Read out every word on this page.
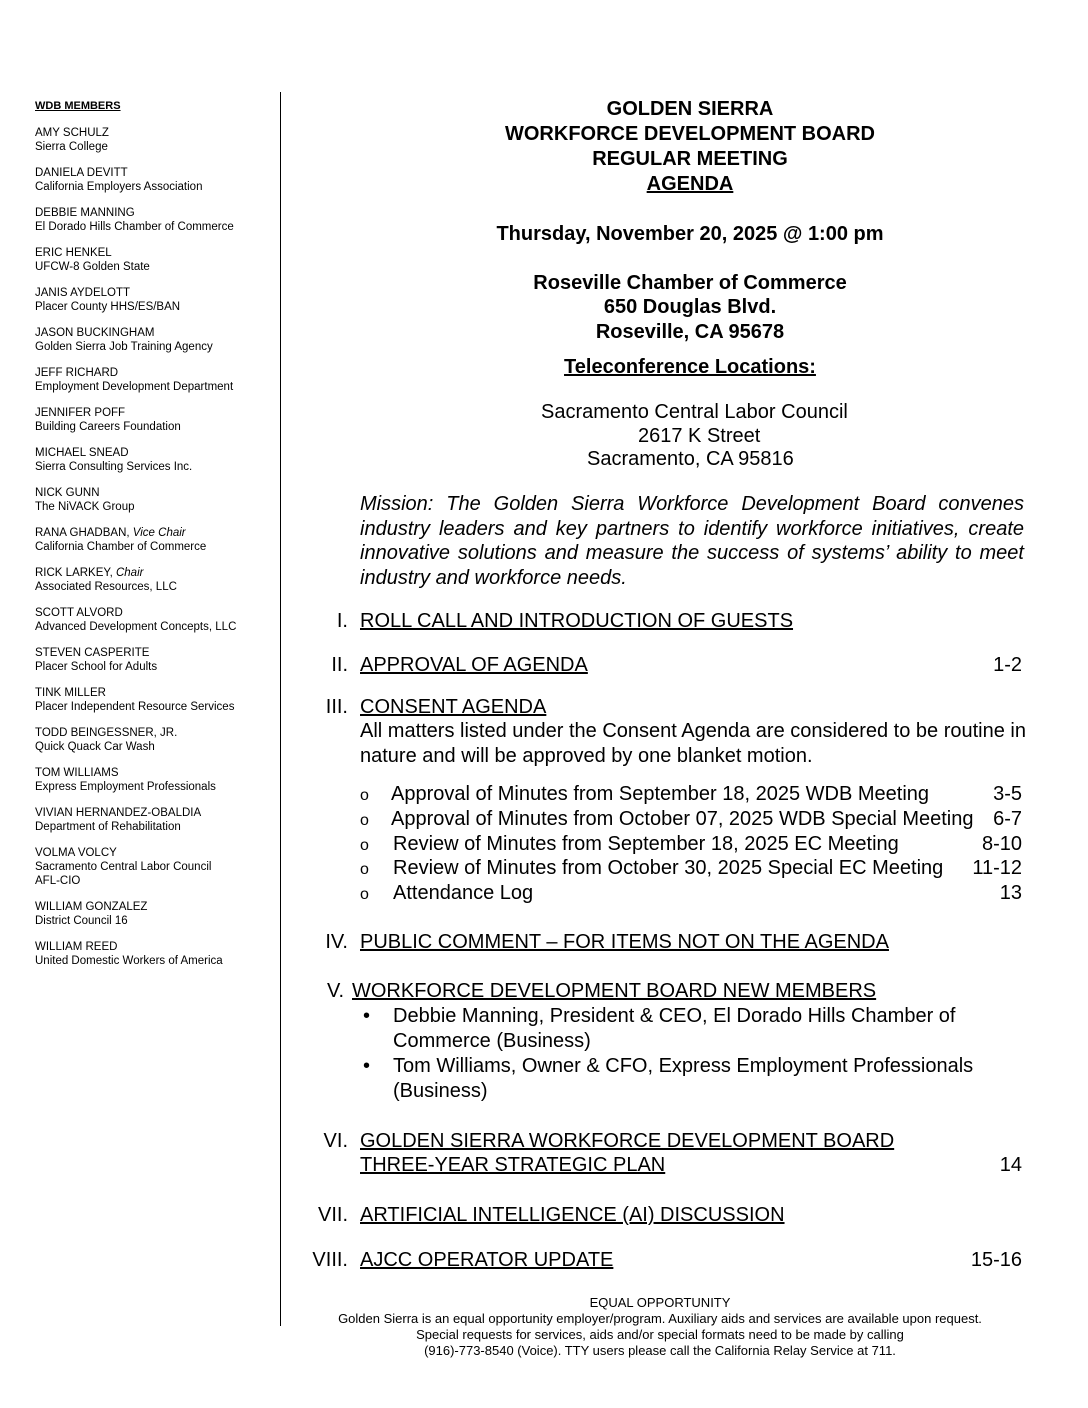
WDB MEMBERS
AMY SCHULZ
Sierra College
DANIELA DEVITT
California Employers Association
DEBBIE MANNING
El Dorado Hills Chamber of Commerce
ERIC HENKEL
UFCW-8 Golden State
JANIS AYDELOTT
Placer County HHS/ES/BAN
JASON BUCKINGHAM
Golden Sierra Job Training Agency
JEFF RICHARD
Employment Development Department
JENNIFER POFF
Building Careers Foundation
MICHAEL SNEAD
Sierra Consulting Services Inc.
NICK GUNN
The NiVACK Group
RANA GHADBAN, Vice Chair
California Chamber of Commerce
RICK LARKEY, Chair
Associated Resources, LLC
SCOTT ALVORD
Advanced Development Concepts, LLC
STEVEN CASPERITE
Placer School for Adults
TINK MILLER
Placer Independent Resource Services
TODD BEINGESSNER, JR.
Quick Quack Car Wash
TOM WILLIAMS
Express Employment Professionals
VIVIAN HERNANDEZ-OBALDIA
Department of Rehabilitation
VOLMA VOLCY
Sacramento Central Labor Council
AFL-CIO
WILLIAM GONZALEZ
District Council 16
WILLIAM REED
United Domestic Workers of America
GOLDEN SIERRA
WORKFORCE DEVELOPMENT BOARD
REGULAR MEETING
AGENDA
Thursday, November 20, 2025 @ 1:00 pm
Roseville Chamber of Commerce
650 Douglas Blvd.
Roseville, CA 95678
Teleconference Locations:
Sacramento Central Labor Council
2617 K Street
Sacramento, CA 95816
Mission: The Golden Sierra Workforce Development Board convenes industry leaders and key partners to identify workforce initiatives, create innovative solutions and measure the success of systems’ ability to meet industry and workforce needs.
I. ROLL CALL AND INTRODUCTION OF GUESTS
II. APPROVAL OF AGENDA	1-2
III. CONSENT AGENDA
All matters listed under the Consent Agenda are considered to be routine in
nature and will be approved by one blanket motion.
o Approval of Minutes from September 18, 2025 WDB Meeting	3-5
o Approval of Minutes from October 07, 2025 WDB Special Meeting 6-7
o Review of Minutes from September 18, 2025 EC Meeting	8-10
o Review of Minutes from October 30, 2025 Special EC Meeting	11-12
o Attendance Log	13
IV. PUBLIC COMMENT – FOR ITEMS NOT ON THE AGENDA
V. WORKFORCE DEVELOPMENT BOARD NEW MEMBERS
• Debbie Manning, President & CEO, El Dorado Hills Chamber of
Commerce (Business)
• Tom Williams, Owner & CFO, Express Employment Professionals
(Business)
VI. GOLDEN SIERRA WORKFORCE DEVELOPMENT BOARD
THREE-YEAR STRATEGIC PLAN	14
VII. ARTIFICIAL INTELLIGENCE (AI) DISCUSSION
VIII. AJCC OPERATOR UPDATE	15-16
EQUAL OPPORTUNITY
Golden Sierra is an equal opportunity employer/program. Auxiliary aids and services are available upon request.
Special requests for services, aids and/or special formats need to be made by calling
(916)-773-8540 (Voice). TTY users please call the California Relay Service at 711.
